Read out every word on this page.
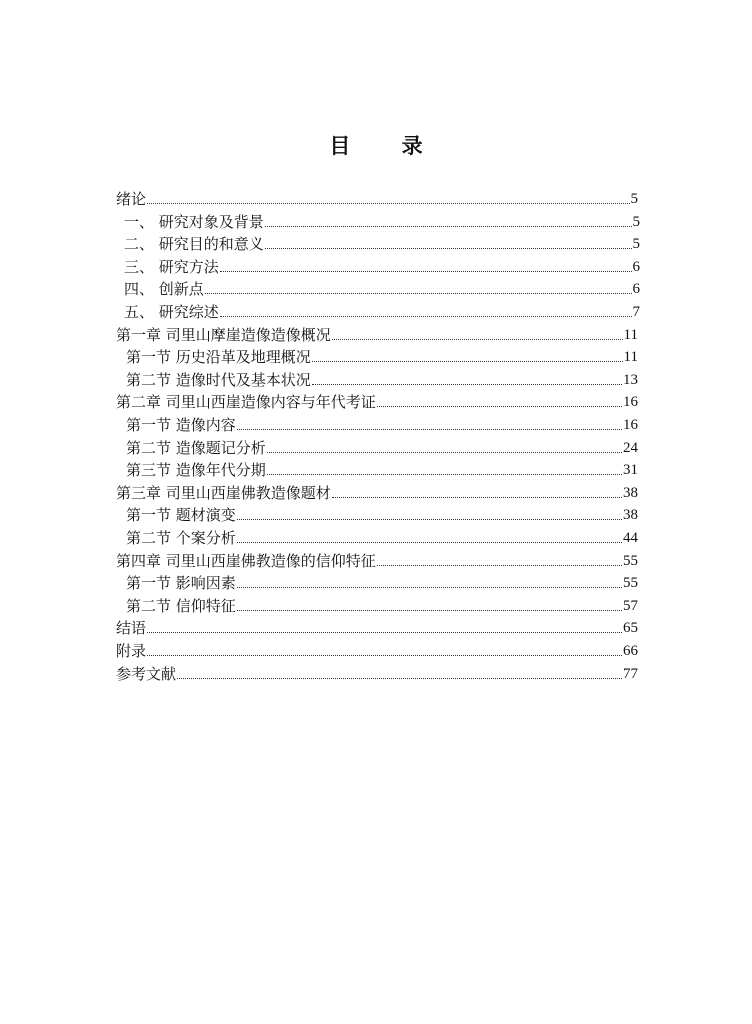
目 录
绪论	5
一、 研究对象及背景	5
二、 研究目的和意义	5
三、 研究方法	6
四、 创新点	6
五、 研究综述	7
第一章 司里山摩崖造像造像概况	11
第一节 历史沿革及地理概况	11
第二节 造像时代及基本状况	13
第二章 司里山西崖造像内容与年代考证	16
第一节 造像内容	16
第二节 造像题记分析	24
第三节 造像年代分期	31
第三章 司里山西崖佛教造像题材	38
第一节 题材演变	38
第二节 个案分析	44
第四章 司里山西崖佛教造像的信仰特征	55
第一节 影响因素	55
第二节 信仰特征	57
结语	65
附录	66
参考文献	77
